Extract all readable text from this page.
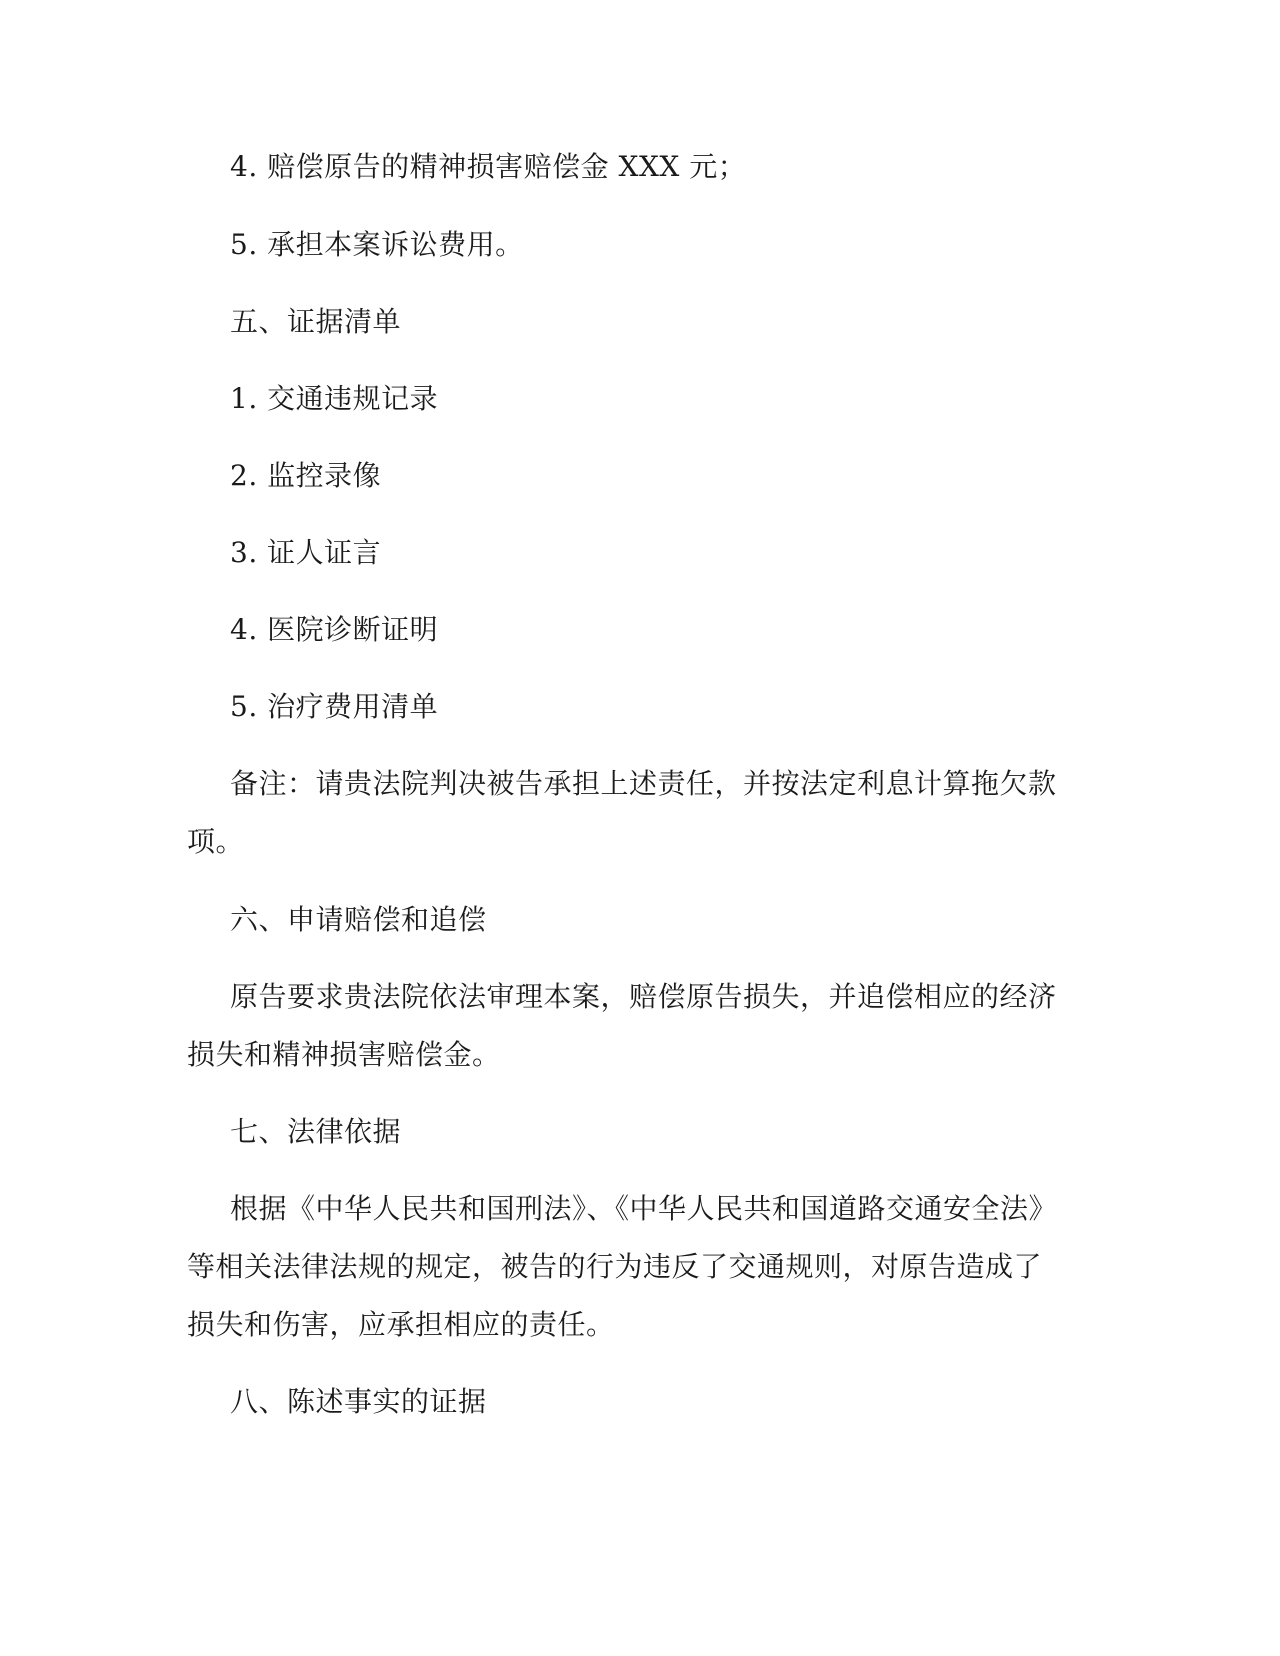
4. 赔偿原告的精神损害赔偿金 XXX 元；
5. 承担本案诉讼费用。
五、证据清单
1. 交通违规记录
2. 监控录像
3. 证人证言
4. 医院诊断证明
5. 治疗费用清单
备注：请贵法院判决被告承担上述责任，并按法定利息计算拖欠款
项。
六、申请赔偿和追偿
原告要求贵法院依法审理本案，赔偿原告损失，并追偿相应的经济
损失和精神损害赔偿金。
七、法律依据
根据《中华人民共和国刑法》、《中华人民共和国道路交通安全法》
等相关法律法规的规定，被告的行为违反了交通规则，对原告造成了
损失和伤害，应承担相应的责任。
八、陈述事实的证据
